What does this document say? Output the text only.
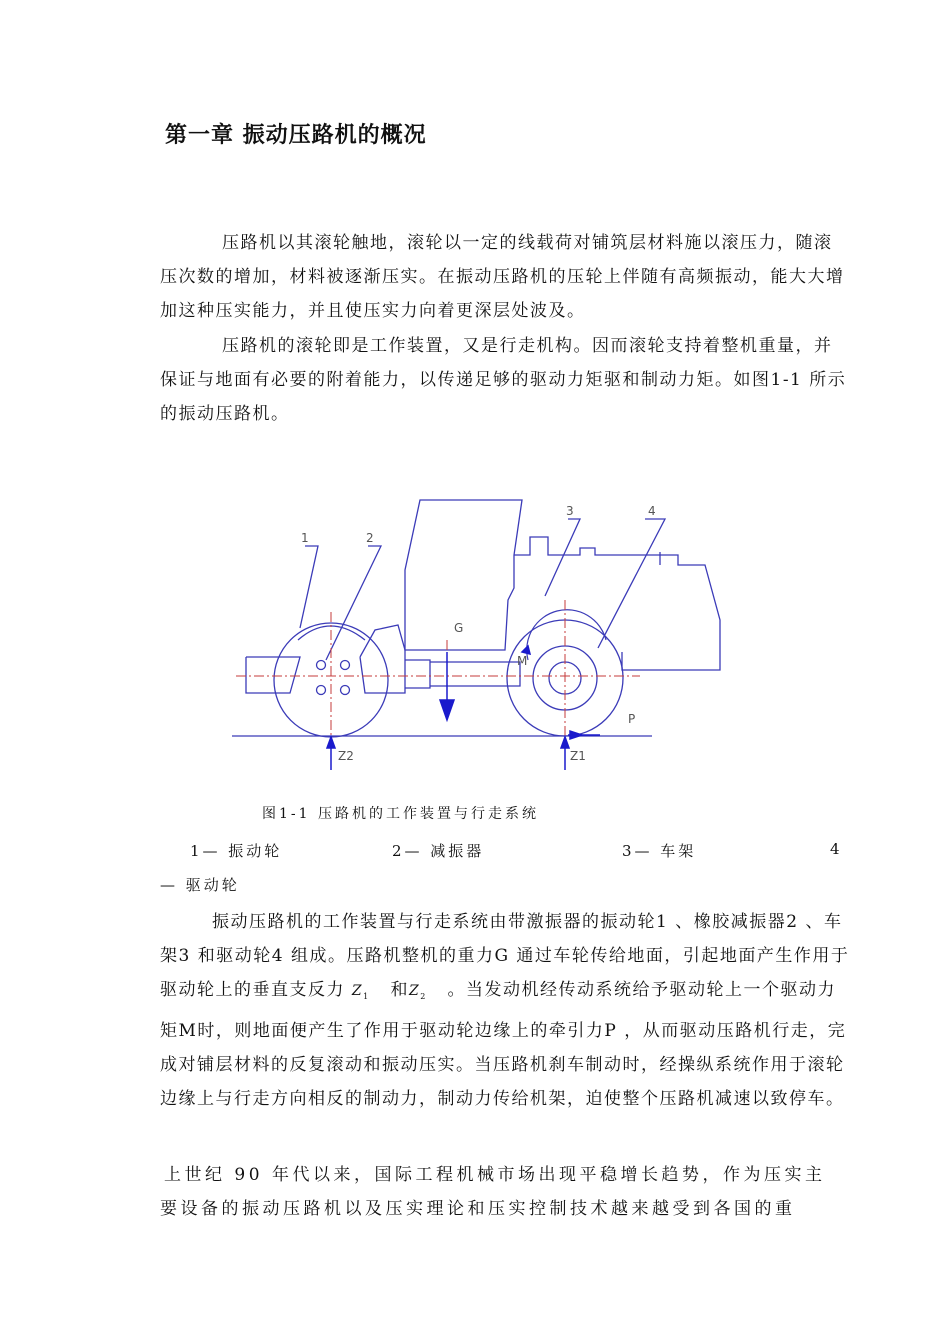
第一章 振动压路机的概况
压路机以其滚轮触地，滚轮以一定的线载荷对铺筑层材料施以滚压力，随滚压次数的增加，材料被逐渐压实。在振动压路机的压轮上伴随有高频振动，能大大增加这种压实能力，并且使压实力向着更深层处波及。
压路机的滚轮即是工作装置，又是行走机构。因而滚轮支持着整机重量，并保证与地面有必要的附着能力，以传递足够的驱动力矩驱和制动力矩。如图1-1 所示的振动压路机。
1	2
3	4
G
M
P
Z2	Z1
图1-1 压路机的工作装置与行走系统
1— 振动轮	2— 减振器	3— 车架	4
— 驱动轮
振动压路机的工作装置与行走系统由带激振器的振动轮1 、橡胶减振器2 、车架3 和驱动轮4 组成。压路机整机的重力G 通过车轮传给地面，引起地面产生作用于驱动轮上的垂直支反力 $Z_1$ 和$Z_2$ 。当发动机经传动系统给予驱动轮上一个驱动力矩M时，则地面便产生了作用于驱动轮边缘上的牵引力P ，从而驱动压路机行走，完成对铺层材料的反复滚动和振动压实。当压路机刹车制动时，经操纵系统作用于滚轮边缘上与行走方向相反的制动力，制动力传给机架，迫使整个压路机减速以致停车。
上世纪 90 年代以来，国际工程机械市场出现平稳增长趋势，作为压实主要设备的振动压路机以及压实理论和压实控制技术越来越受到各国的重
